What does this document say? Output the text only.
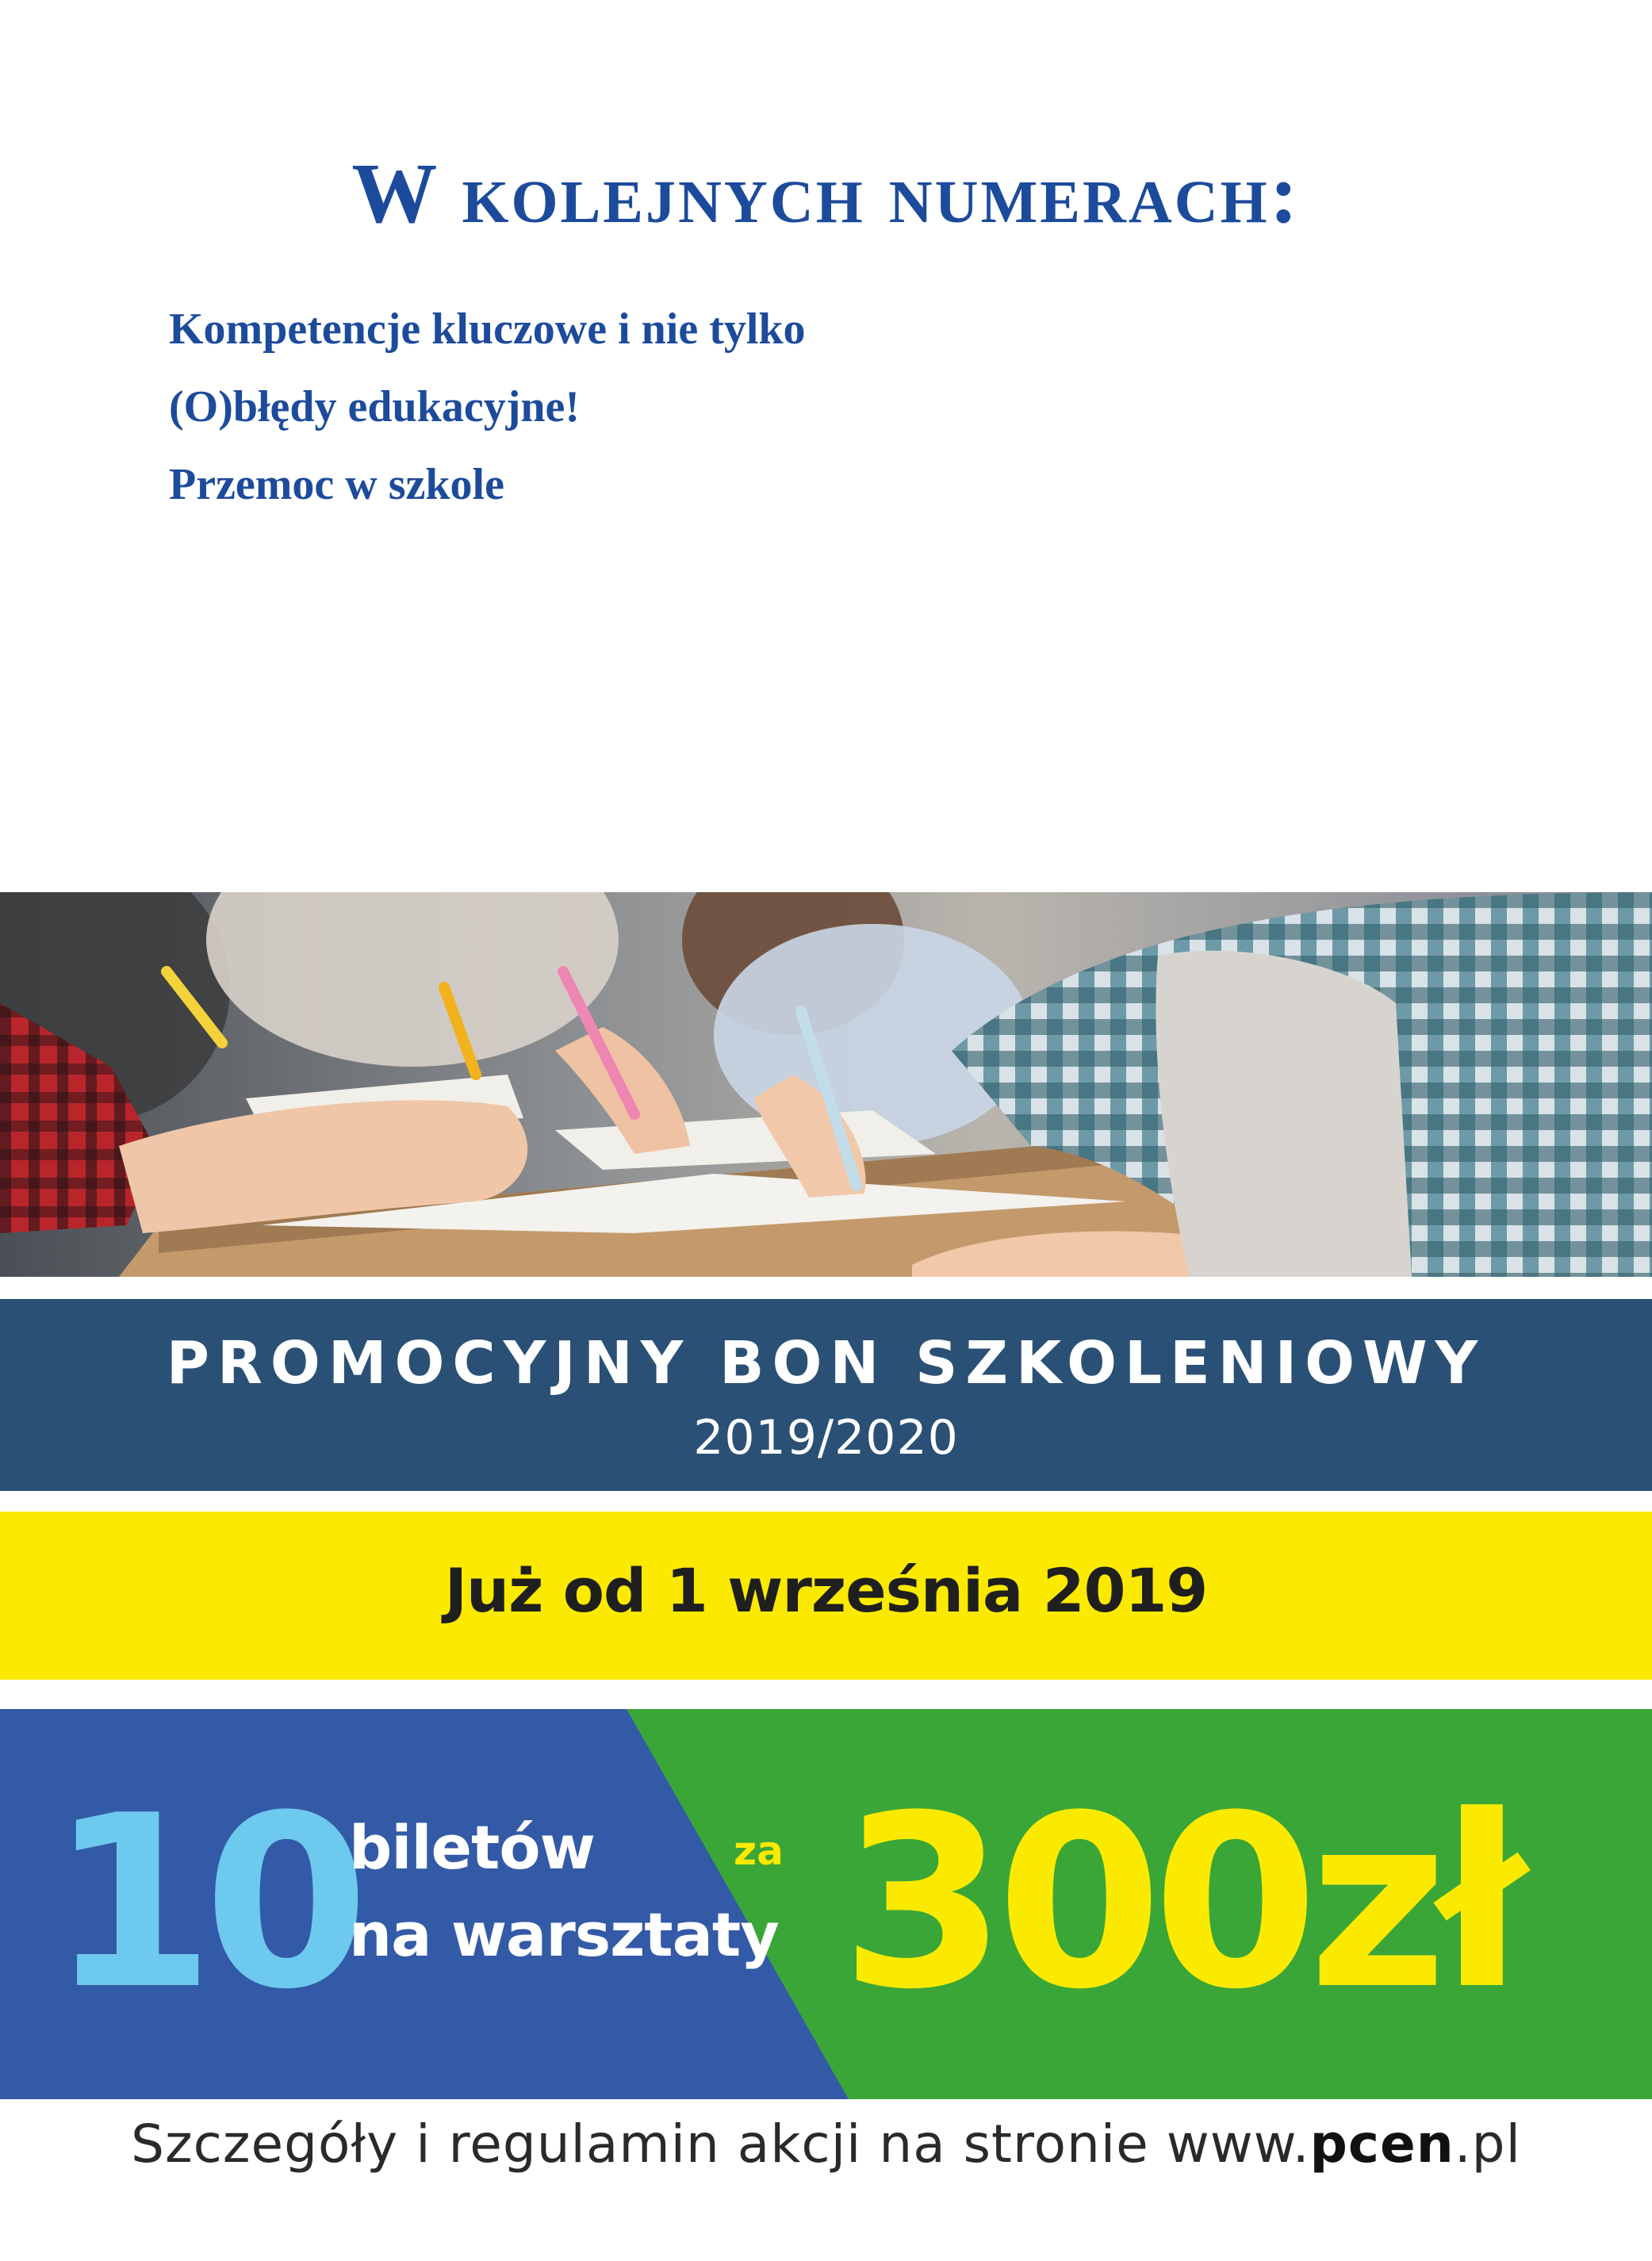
W kolejnych numerach:
Kompetencje kluczowe i nie tylko
(O)błędy edukacyjne!
Przemoc w szkole
PROMOCYJNY BON SZKOLENIOWY
2019/2020
Już od 1 września 2019
10
biletów
na warsztaty
za 300zł
Szczegóły i regulamin akcji na stronie www.pcen.pl
